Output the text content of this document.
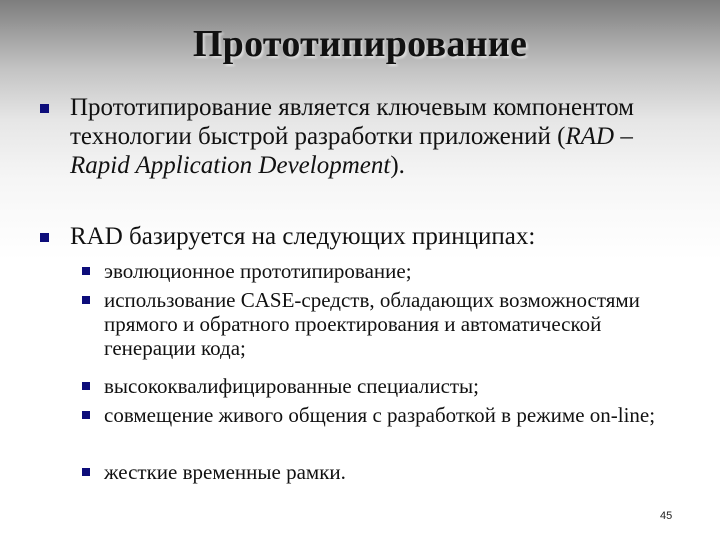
Прототипирование
Прототипирование является ключевым компонентом технологии быстрой разработки приложений (RAD – Rapid Application Development).
RAD базируется на следующих принципах:
эволюционное прототипирование;
использование CASE-средств, обладающих возможностями прямого и обратного проектирования и автоматической генерации кода;
высококвалифицированные специалисты;
совмещение живого общения с разработкой в режиме on-line;
жесткие временные рамки.
45
